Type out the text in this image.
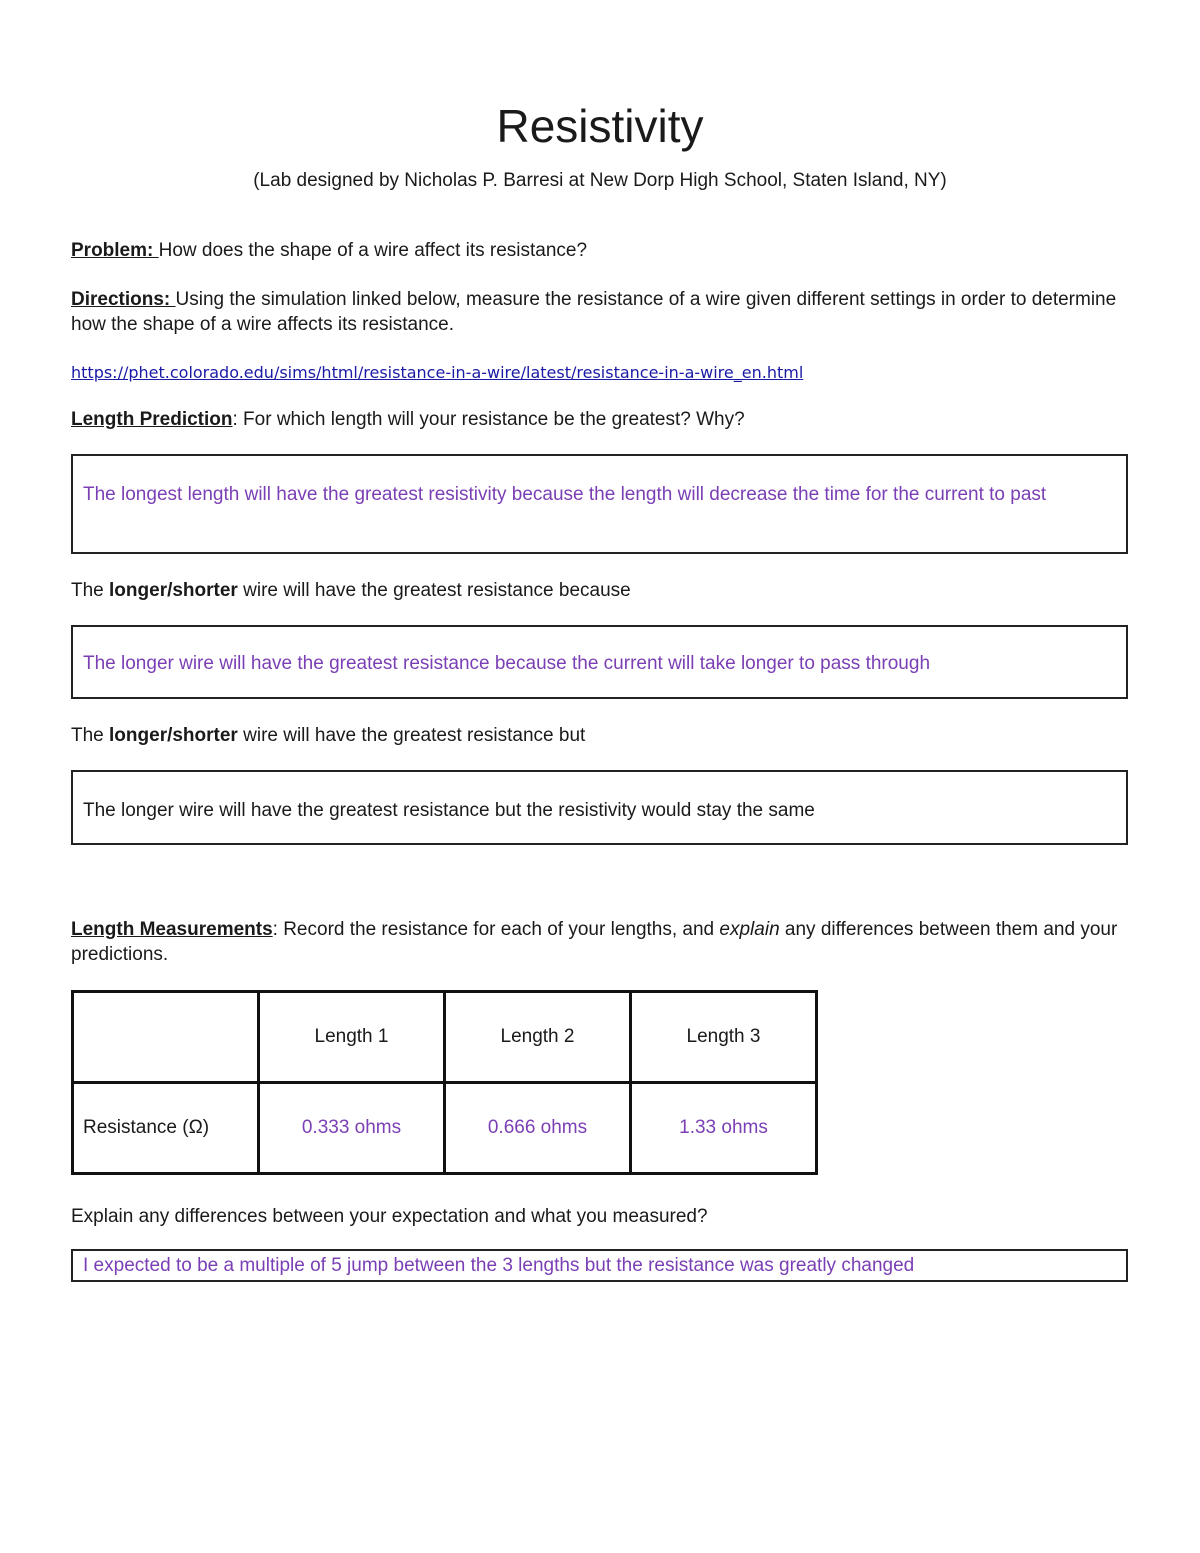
Resistivity
(Lab designed by Nicholas P. Barresi at New Dorp High School, Staten Island, NY)
Problem: How does the shape of a wire affect its resistance?
Directions: Using the simulation linked below, measure the resistance of a wire given different settings in order to determine how the shape of a wire affects its resistance.
https://phet.colorado.edu/sims/html/resistance-in-a-wire/latest/resistance-in-a-wire_en.html
Length Prediction: For which length will your resistance be the greatest? Why?
The longest length will have the greatest resistivity because the length will decrease the time for the current to past
The longer/shorter wire will have the greatest resistance because
The longer wire will have the greatest resistance because the current will take longer to pass through
The longer/shorter wire will have the greatest resistance but
The longer wire will have the greatest resistance but the resistivity would stay the same
Length Measurements: Record the resistance for each of your lengths, and explain any differences between them and your predictions.
	Length 1	Length 2	Length 3
Resistance (Ω)	0.333 ohms	0.666 ohms	1.33 ohms
Explain any differences between your expectation and what you measured?
I expected to be a multiple of 5 jump between the 3 lengths but the resistance was greatly changed
